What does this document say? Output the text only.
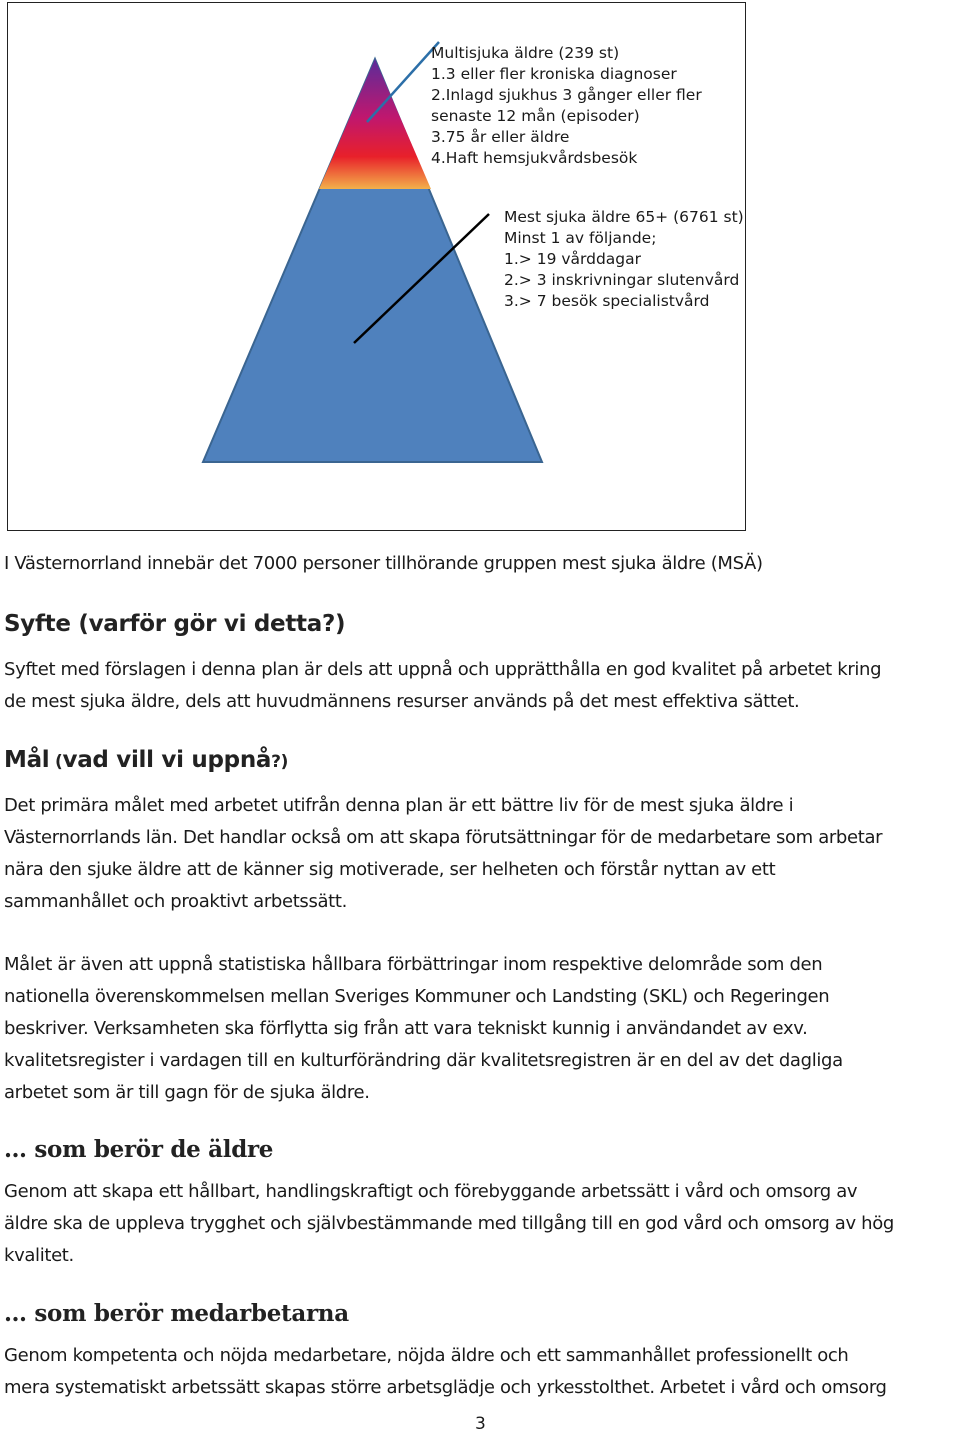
Multisjuka äldre (239 st)
1.3 eller fler kroniska diagnoser
2.Inlagd sjukhus 3 gånger eller fler
senaste 12 mån (episoder)
3.75 år eller äldre
4.Haft hemsjukvårdsbesök
Mest sjuka äldre 65+ (6761 st)
Minst 1 av följande;
1.> 19 vårddagar
2.> 3 inskrivningar slutenvård
3.> 7 besök specialistvård
I Västernorrland innebär det 7000 personer tillhörande gruppen mest sjuka äldre (MSÄ)
Syfte (varför gör vi detta?)
Syftet med förslagen i denna plan är dels att uppnå och upprätthålla en god kvalitet på arbetet kring
de mest sjuka äldre, dels att huvudmännens resurser används på det mest effektiva sättet.
Mål (vad vill vi uppnå?)
Det primära målet med arbetet utifrån denna plan är ett bättre liv för de mest sjuka äldre i
Västernorrlands län. Det handlar också om att skapa förutsättningar för de medarbetare som arbetar
nära den sjuke äldre att de känner sig motiverade, ser helheten och förstår nyttan av ett
sammanhållet och proaktivt arbetssätt.
Målet är även att uppnå statistiska hållbara förbättringar inom respektive delområde som den
nationella överenskommelsen mellan Sveriges Kommuner och Landsting (SKL) och Regeringen
beskriver. Verksamheten ska förflytta sig från att vara tekniskt kunnig i användandet av exv.
kvalitetsregister i vardagen till en kulturförändring där kvalitetsregistren är en del av det dagliga
arbetet som är till gagn för de sjuka äldre.
… som berör de äldre
Genom att skapa ett hållbart, handlingskraftigt och förebyggande arbetssätt i vård och omsorg av
äldre ska de uppleva trygghet och självbestämmande med tillgång till en god vård och omsorg av hög
kvalitet.
… som berör medarbetarna
Genom kompetenta och nöjda medarbetare, nöjda äldre och ett sammanhållet professionellt och
mera systematiskt arbetssätt skapas större arbetsglädje och yrkesstolthet. Arbetet i vård och omsorg
3
